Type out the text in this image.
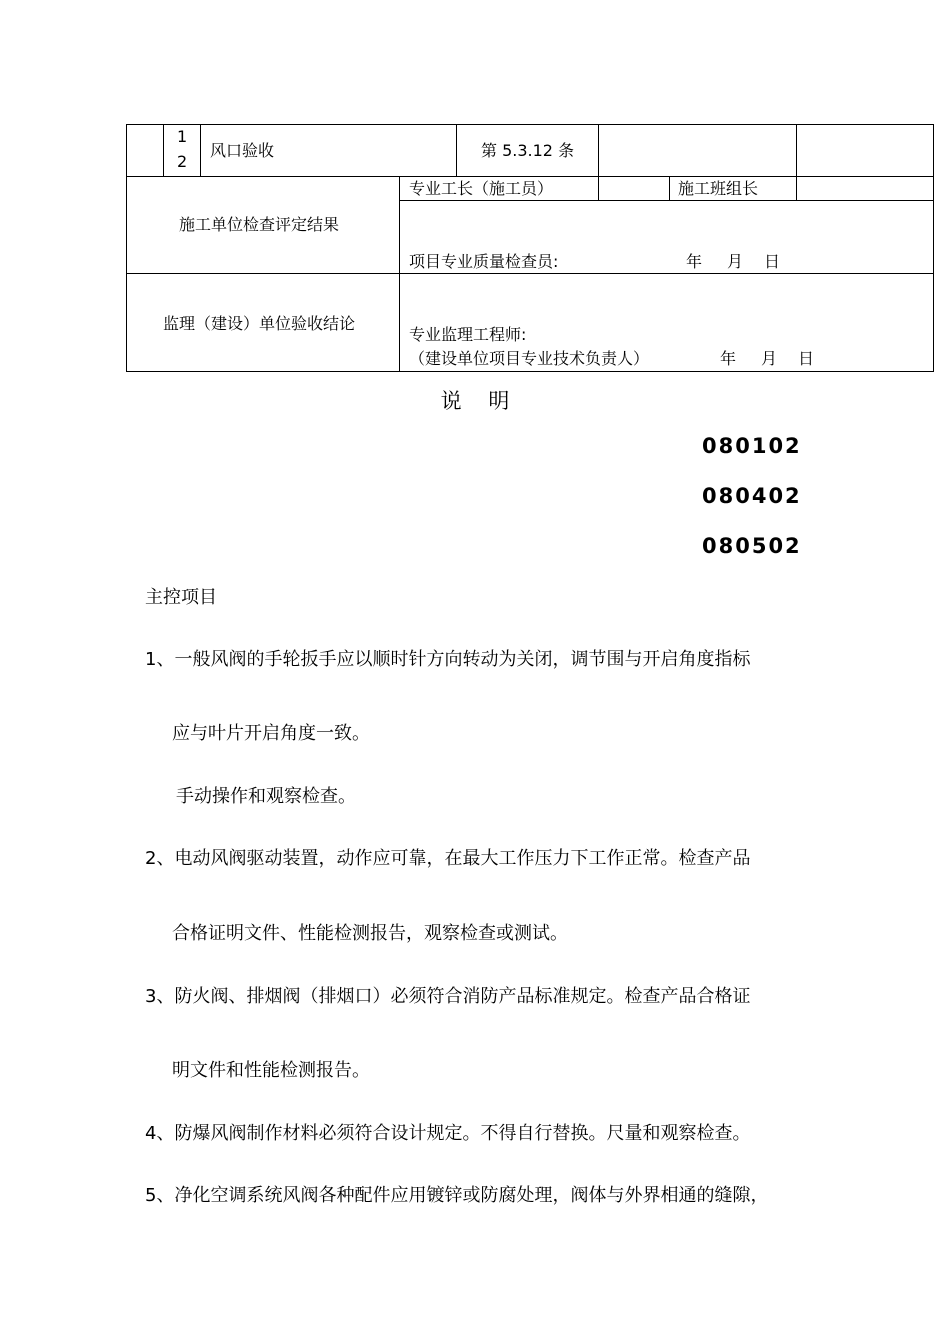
1
2
风口验收	第 5.3.12 条
施工单位检查评定结果
专业工长（施工员）	施工班组长
项目专业质量检查员:	年 月 日
监理（建设）单位验收结论
专业监理工程师:
（建设单位项目专业技术负责人）	年 月 日
说    明
080102
080402
080502
主控项目
1、一般风阀的手轮扳手应以顺时针方向转动为关闭，调节围与开启角度指标
应与叶片开启角度一致。
手动操作和观察检查。
2、电动风阀驱动装置，动作应可靠，在最大工作压力下工作正常。检查产品
合格证明文件、性能检测报告，观察检查或测试。
3、防火阀、排烟阀（排烟口）必须符合消防产品标准规定。检查产品合格证
明文件和性能检测报告。
4、防爆风阀制作材料必须符合设计规定。不得自行替换。尺量和观察检查。
5、净化空调系统风阀各种配件应用镀锌或防腐处理，阀体与外界相通的缝隙，
